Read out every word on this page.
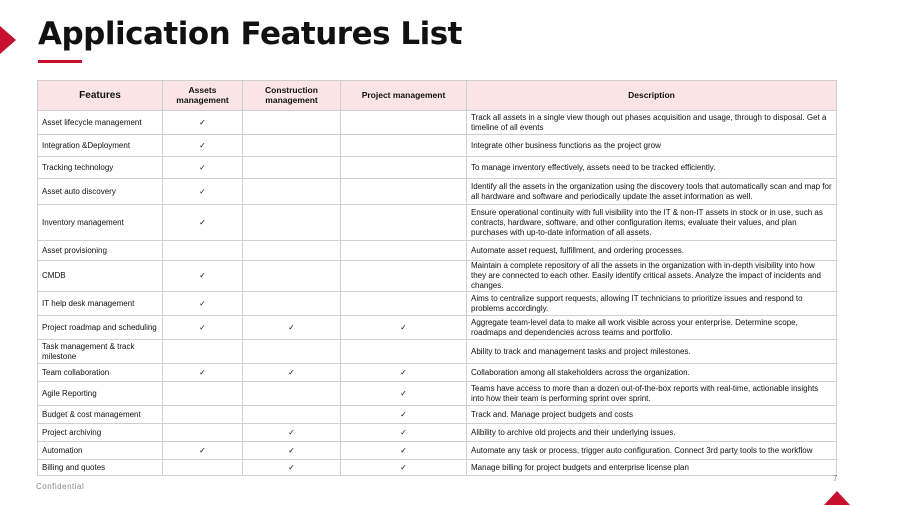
Application Features List
Features	Assets management	Construction management	Project management	Description
Asset lifecycle management	✓			Track all assets in a single view though out phases acquisition and usage, through to disposal. Get a timeline of all events
Integration &Deployment	✓			Integrate other business functions as the project grow
Tracking technology	✓			To manage inventory effectively, assets need to be tracked efficiently.
Asset auto discovery	✓			Identify all the assets in the organization using the discovery tools that automatically scan and map for all hardware and software and periodically update the asset information as well.
Inventory management	✓			Ensure operational continuity with full visibility into the IT & non-IT assets in stock or in use, such as contracts, hardware, software, and other configuration items, evaluate their values, and plan purchases with up-to-date information of all assets.
Asset provisioning				Automate asset request, fulfillment, and ordering processes.
CMDB	✓			Maintain a complete repository of all the assets in the organization with in-depth visibility into how they are connected to each other. Easily identify critical assets. Analyze the impact of incidents and changes.
IT help desk management	✓			Aims to centralize support requests, allowing IT technicians to prioritize issues and respond to problems accordingly.
Project roadmap and scheduling	✓	✓	✓	Aggregate team-level data to make all work visible across your enterprise. Determine scope, roadmaps and dependencies across teams and portfolio.
Task management & track milestone				Ability to track and management tasks and project milestones.
Team collaboration	✓	✓	✓	Collaboration among all stakeholders across the organization.
Agile Reporting			✓	Teams have access to more than a dozen out-of-the-box reports with real-time, actionable insights into how their team is performing sprint over sprint.
Budget & cost management			✓	Track and. Manage project budgets and costs
Project archiving		✓	✓	Alibility to archive old projects and their underlying issues.
Automation	✓	✓	✓	Automate any task or process, trigger auto configuration. Connect 3rd party tools to the workflow
Billing and quotes		✓	✓	Manage billing for project budgets and enterprise license plan
Confidential
7
